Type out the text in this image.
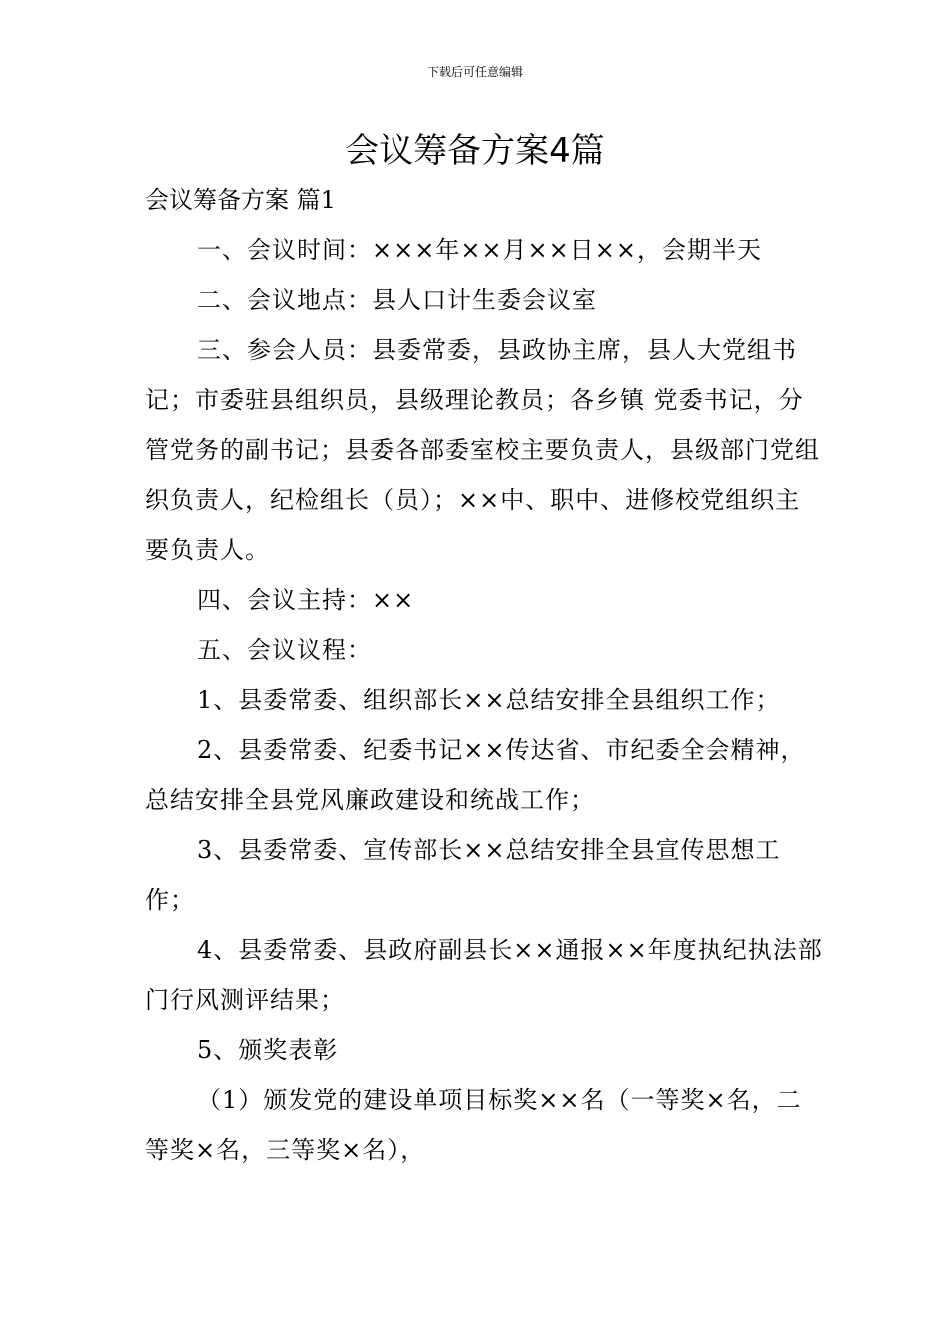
下载后可任意编辑
会议筹备方案4篇
会议筹备方案 篇1

一、会议时间：×××年××月××日××，会期半天

二、会议地点：县人口计生委会议室

三、参会人员：县委常委，县政协主席，县人大党组书记；市委驻县组织员，县级理论教员；各乡镇 党委书记，分管党务的副书记；县委各部委室校主要负责人，县级部门党组织负责人，纪检组长（员）；××中、职中、进修校党组织主要负责人。

四、会议主持：××

五、会议议程：

1、县委常委、组织部长××总结安排全县组织工作；

2、县委常委、纪委书记××传达省、市纪委全会精神，总结安排全县党风廉政建设和统战工作；

3、县委常委、宣传部长××总结安排全县宣传思想工作；

4、县委常委、县政府副县长××通报××年度执纪执法部门行风测评结果；

5、颁奖表彰

（1）颁发党的建设单项目标奖××名（一等奖×名，二等奖×名，三等奖×名），
